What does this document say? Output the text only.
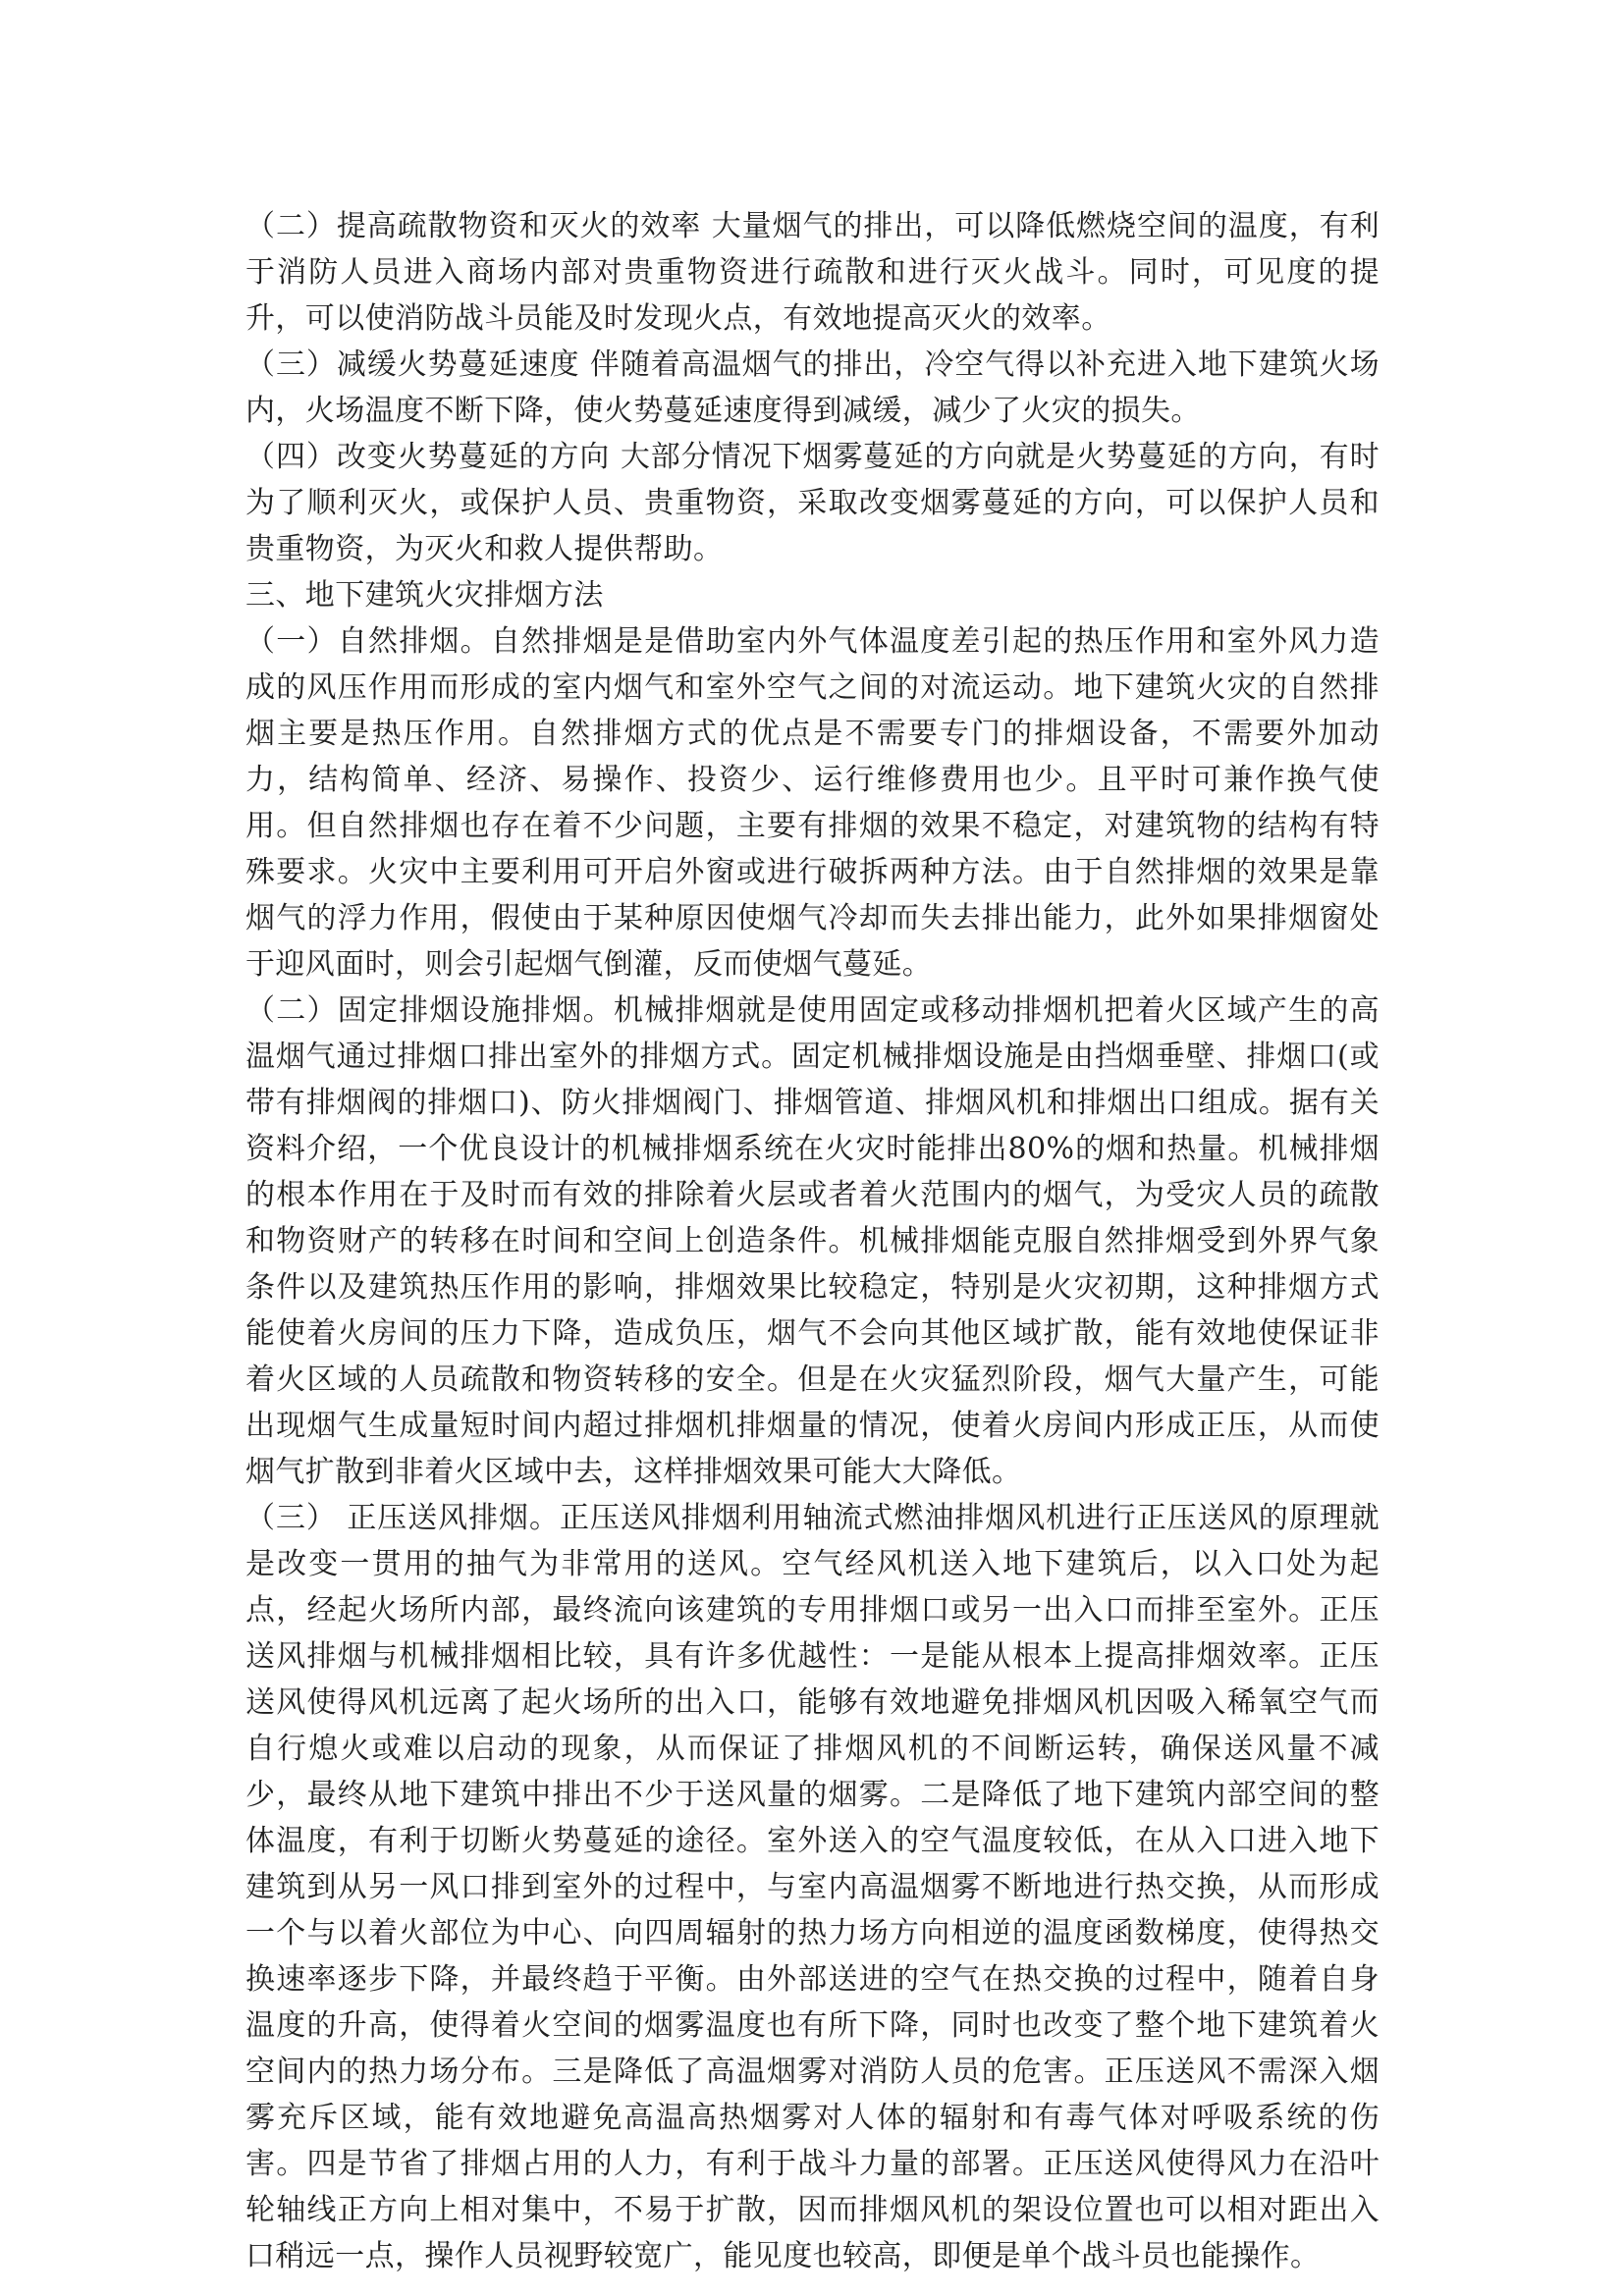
（二）提高疏散物资和灭火的效率 大量烟气的排出，可以降低燃烧空间的温度，有利于消防人员进入商场内部对贵重物资进行疏散和进行灭火战斗。同时，可见度的提升，可以使消防战斗员能及时发现火点，有效地提高灭火的效率。

（三）减缓火势蔓延速度 伴随着高温烟气的排出，冷空气得以补充进入地下建筑火场内，火场温度不断下降，使火势蔓延速度得到减缓，减少了火灾的损失。

（四）改变火势蔓延的方向 大部分情况下烟雾蔓延的方向就是火势蔓延的方向，有时为了顺利灭火，或保护人员、贵重物资，采取改变烟雾蔓延的方向，可以保护人员和贵重物资，为灭火和救人提供帮助。

三、地下建筑火灾排烟方法

（一）自然排烟。自然排烟是是借助室内外气体温度差引起的热压作用和室外风力造成的风压作用而形成的室内烟气和室外空气之间的对流运动。地下建筑火灾的自然排烟主要是热压作用。自然排烟方式的优点是不需要专门的排烟设备，不需要外加动力，结构简单、经济、易操作、投资少、运行维修费用也少。且平时可兼作换气使用。但自然排烟也存在着不少问题，主要有排烟的效果不稳定，对建筑物的结构有特殊要求。火灾中主要利用可开启外窗或进行破拆两种方法。由于自然排烟的效果是靠烟气的浮力作用，假使由于某种原因使烟气冷却而失去排出能力，此外如果排烟窗处于迎风面时，则会引起烟气倒灌，反而使烟气蔓延。

（二）固定排烟设施排烟。机械排烟就是使用固定或移动排烟机把着火区域产生的高温烟气通过排烟口排出室外的排烟方式。固定机械排烟设施是由挡烟垂壁、排烟口(或带有排烟阀的排烟口)、防火排烟阀门、排烟管道、排烟风机和排烟出口组成。据有关资料介绍，一个优良设计的机械排烟系统在火灾时能排出80%的烟和热量。机械排烟的根本作用在于及时而有效的排除着火层或者着火范围内的烟气，为受灾人员的疏散和物资财产的转移在时间和空间上创造条件。机械排烟能克服自然排烟受到外界气象条件以及建筑热压作用的影响，排烟效果比较稳定，特别是火灾初期，这种排烟方式能使着火房间的压力下降，造成负压，烟气不会向其他区域扩散，能有效地使保证非着火区域的人员疏散和物资转移的安全。但是在火灾猛烈阶段，烟气大量产生，可能出现烟气生成量短时间内超过排烟机排烟量的情况，使着火房间内形成正压，从而使烟气扩散到非着火区域中去，这样排烟效果可能大大降低。

（三） 正压送风排烟。正压送风排烟利用轴流式燃油排烟风机进行正压送风的原理就是改变一贯用的抽气为非常用的送风。空气经风机送入地下建筑后，以入口处为起点，经起火场所内部，最终流向该建筑的专用排烟口或另一出入口而排至室外。正压送风排烟与机械排烟相比较，具有许多优越性：一是能从根本上提高排烟效率。正压送风使得风机远离了起火场所的出入口，能够有效地避免排烟风机因吸入稀氧空气而自行熄火或难以启动的现象，从而保证了排烟风机的不间断运转，确保送风量不减少，最终从地下建筑中排出不少于送风量的烟雾。二是降低了地下建筑内部空间的整体温度，有利于切断火势蔓延的途径。室外送入的空气温度较低，在从入口进入地下建筑到从另一风口排到室外的过程中，与室内高温烟雾不断地进行热交换，从而形成一个与以着火部位为中心、向四周辐射的热力场方向相逆的温度函数梯度，使得热交换速率逐步下降，并最终趋于平衡。由外部送进的空气在热交换的过程中，随着自身温度的升高，使得着火空间的烟雾温度也有所下降，同时也改变了整个地下建筑着火空间内的热力场分布。三是降低了高温烟雾对消防人员的危害。正压送风不需深入烟雾充斥区域，能有效地避免高温高热烟雾对人体的辐射和有毒气体对呼吸系统的伤害。四是节省了排烟占用的人力，有利于战斗力量的部署。正压送风使得风力在沿叶轮轴线正方向上相对集中，不易于扩散，因而排烟风机的架设位置也可以相对距出入口稍远一点，操作人员视野较宽广，能见度也较高，即便是单个战斗员也能操作。
